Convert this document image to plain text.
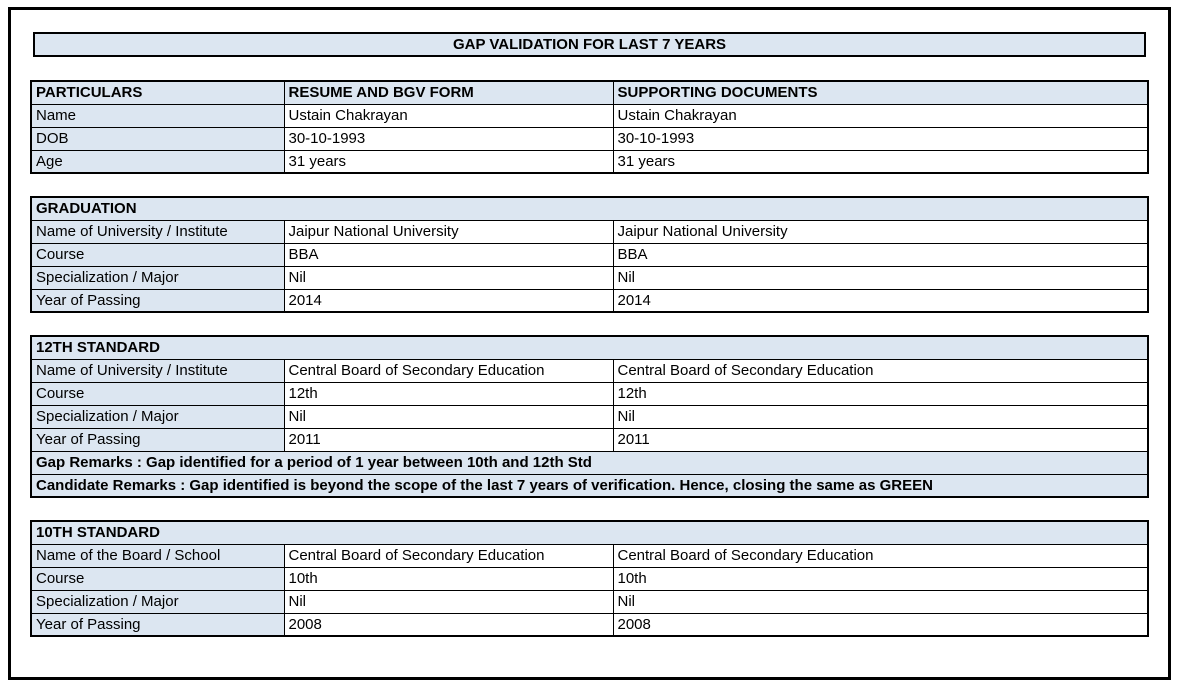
GAP VALIDATION FOR LAST 7 YEARS
PARTICULARS	RESUME AND BGV FORM	SUPPORTING DOCUMENTS
Name	Ustain Chakrayan	Ustain Chakrayan
DOB	30-10-1993	30-10-1993
Age	31 years	31 years
GRADUATION		
Name of University / Institute	Jaipur National University	Jaipur National University
Course	BBA	BBA
Specialization / Major	Nil	Nil
Year of Passing	2014	2014
12TH STANDARD		
Name of University / Institute	Central Board of Secondary Education	Central Board of Secondary Education
Course	12th	12th
Specialization / Major	Nil	Nil
Year of Passing	2011	2011
Gap Remarks : Gap identified for a period of 1 year between 10th and 12th Std		
Candidate Remarks : Gap identified is beyond the scope of the last 7 years of verification. Hence, closing the same as GREEN		
10TH STANDARD		
Name of the Board / School	Central Board of Secondary Education	Central Board of Secondary Education
Course	10th	10th
Specialization / Major	Nil	Nil
Year of Passing	2008	2008
